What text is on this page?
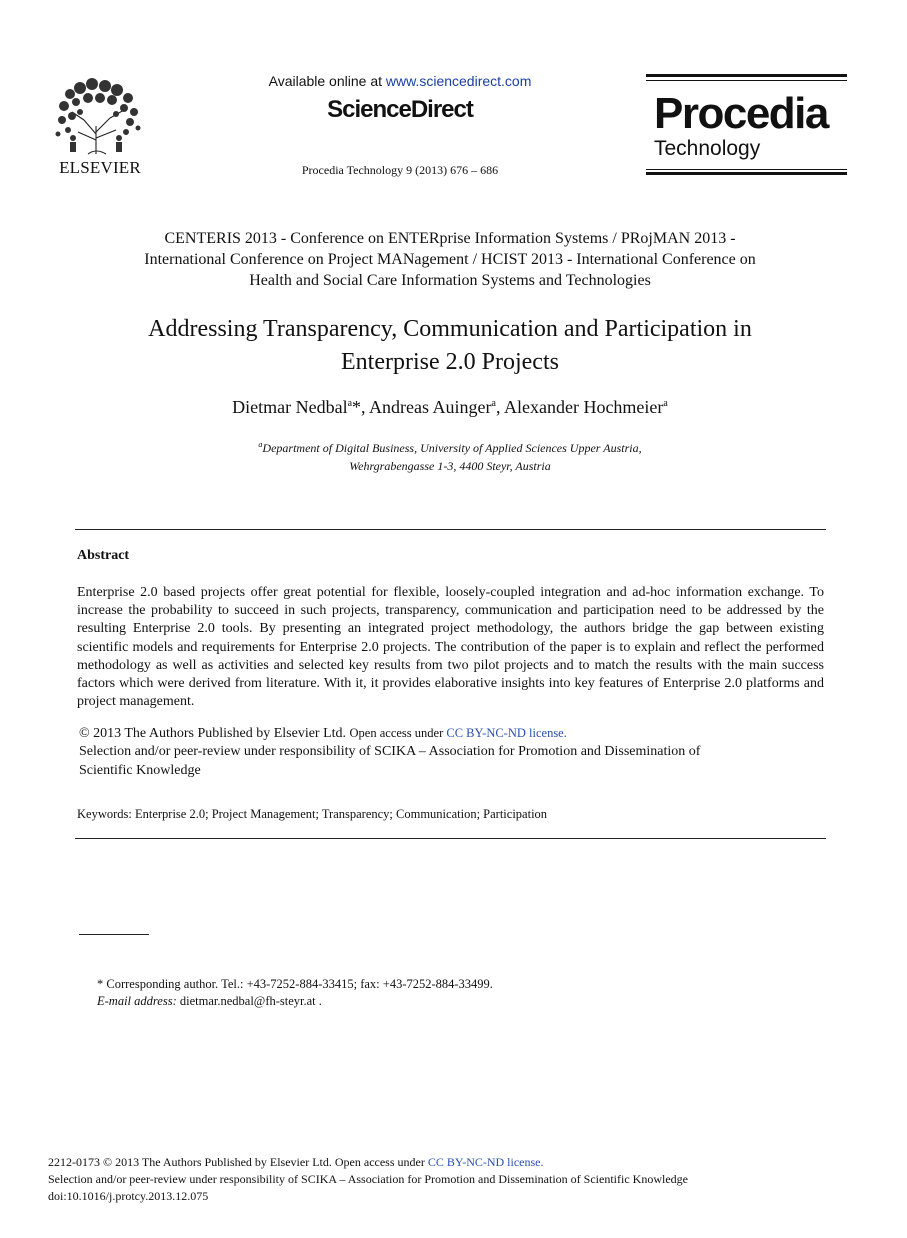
ELSEVIER
Available online at www.sciencedirect.com
ScienceDirect
Procedia Technology 9 (2013) 676 – 686
Procedia
Technology
CENTERIS 2013 - Conference on ENTERprise Information Systems / PRojMAN 2013 -
International Conference on Project MANagement / HCIST 2013 - International Conference on
Health and Social Care Information Systems and Technologies
Addressing Transparency, Communication and Participation in
Enterprise 2.0 Projects
Dietmar Nedbal$^a$*, Andreas Auinger$^a$, Alexander Hochmeier$^a$
$^a$Department of Digital Business, University of Applied Sciences Upper Austria,
Wehrgrabengasse 1-3, 4400 Steyr, Austria
Abstract
Enterprise 2.0 based projects offer great potential for flexible, loosely-coupled integration and ad-hoc information exchange. To increase the probability to succeed in such projects, transparency, communication and participation need to be addressed by the resulting Enterprise 2.0 tools. By presenting an integrated project methodology, the authors bridge the gap between existing scientific models and requirements for Enterprise 2.0 projects. The contribution of the paper is to explain and reflect the performed methodology as well as activities and selected key results from two pilot projects and to match the results with the main success factors which were derived from literature. With it, it provides elaborative insights into key features of Enterprise 2.0 platforms and project management.
© 2013 The Authors Published by Elsevier Ltd. Open access under CC BY-NC-ND license.
Selection and/or peer-review under responsibility of SCIKA – Association for Promotion and Dissemination of
Scientific Knowledge
Keywords: Enterprise 2.0; Project Management; Transparency; Communication; Participation
* Corresponding author. Tel.: +43-7252-884-33415; fax: +43-7252-884-33499.
E-mail address: dietmar.nedbal@fh-steyr.at .
2212-0173 © 2013 The Authors Published by Elsevier Ltd. Open access under CC BY-NC-ND license.
Selection and/or peer-review under responsibility of SCIKA – Association for Promotion and Dissemination of Scientific Knowledge
doi:10.1016/j.protcy.2013.12.075
